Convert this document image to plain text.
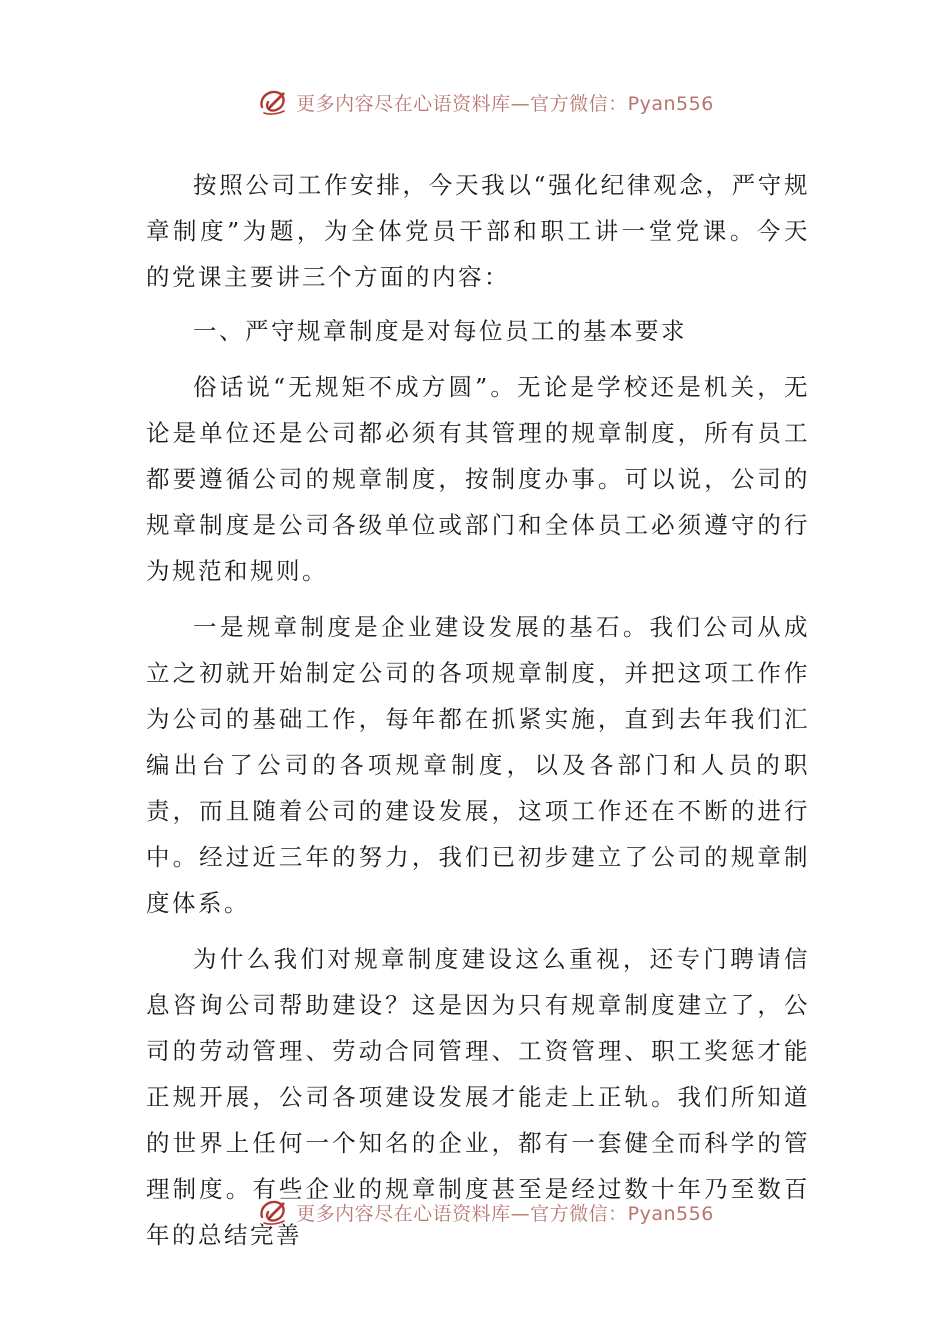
更多内容尽在心语资料库—官方微信：Pyan556

按照公司工作安排，今天我以“强化纪律观念，严守规章制度”为题，为全体党员干部和职工讲一堂党课。今天的党课主要讲三个方面的内容：

一、严守规章制度是对每位员工的基本要求

俗话说“无规矩不成方圆”。无论是学校还是机关，无论是单位还是公司都必须有其管理的规章制度，所有员工都要遵循公司的规章制度，按制度办事。可以说，公司的规章制度是公司各级单位或部门和全体员工必须遵守的行为规范和规则。

一是规章制度是企业建设发展的基石。我们公司从成立之初就开始制定公司的各项规章制度，并把这项工作作为公司的基础工作，每年都在抓紧实施，直到去年我们汇编出台了公司的各项规章制度，以及各部门和人员的职责，而且随着公司的建设发展，这项工作还在不断的进行中。经过近三年的努力，我们已初步建立了公司的规章制度体系。

为什么我们对规章制度建设这么重视，还专门聘请信息咨询公司帮助建设？这是因为只有规章制度建立了，公司的劳动管理、劳动合同管理、工资管理、职工奖惩才能正规开展，公司各项建设发展才能走上正轨。我们所知道的世界上任何一个知名的企业，都有一套健全而科学的管理制度。有些企业的规章制度甚至是经过数十年乃至数百年的总结完善

更多内容尽在心语资料库—官方微信：Pyan556
